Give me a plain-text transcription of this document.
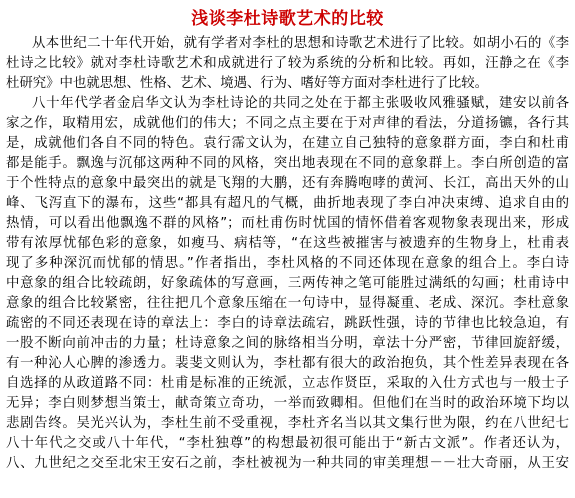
浅谈李杜诗歌艺术的比较
从本世纪二十年代开始，就有学者对李杜的思想和诗歌艺术进行了比较。如胡小石的《李
杜诗之比较》就对李杜诗歌艺术和成就进行了较为系统的分析和比较。再如，汪静之在《李
杜研究》中也就思想、性格、艺术、境遇、行为、嗜好等方面对李杜进行了比较。
八十年代学者金启华文认为李杜诗论的共同之处在于都主张吸收风雅骚赋，建安以前各
家之作，取精用宏，成就他们的伟大；不同之点主要在于对声律的看法，分道扬镳，各行其
是，成就他们各自不同的特色。袁行霈文认为，在建立自己独特的意象群方面，李白和杜甫
都是能手。飘逸与沉郁这两种不同的风格，突出地表现在不同的意象群上。李白所创造的富
于个性特点的意象中最突出的就是飞翔的大鹏，还有奔腾咆哮的黄河、长江，高出天外的山
峰、飞泻直下的瀑布，这些“都具有超凡的气概，曲折地表现了李白冲决束缚、追求自由的
热情，可以看出他飘逸不群的风格”；而杜甫伤时忧国的情怀借着客观物象表现出来，形成
带有浓厚忧郁色彩的意象，如瘦马、病桔等，“在这些被摧害与被遗弃的生物身上，杜甫表
现了多种深沉而忧郁的情思。”作者指出，李杜风格的不同还体现在意象的组合上。李白诗
中意象的组合比较疏朗，好象疏体的写意画，三两传神之笔可能胜过满纸的勾画；杜甫诗中
意象的组合比较紧密，往往把几个意象压缩在一句诗中，显得凝重、老成、深沉。李杜意象
疏密的不同还表现在诗的章法上：李白的诗章法疏宕，跳跃性强，诗的节律也比较急迫，有
一股不断向前冲击的力量；杜诗意象之间的脉络相当分明，章法十分严密，节律回旋舒缓，
有一种沁人心脾的渗透力。裴斐文则认为，李杜都有很大的政治抱负，其个性差异表现在各
自选择的从政道路不同：杜甫是标准的正统派，立志作贤臣，采取的入仕方式也与一般士子
无异；李白则梦想当策士，献奇策立奇功，一举而致卿相。但他们在当时的政治环境下均以
悲剧告终。吴光兴认为，李杜生前不受重视，李杜齐名当以其文集行世为限，约在八世纪七
八十年代之交或八十年代，“李杜独尊”的构想最初很可能出于“新古文派”。作者还认为，
八、九世纪之交至北宋王安石之前，李杜被视为一种共同的审美理想－－壮大奇丽，从王安
